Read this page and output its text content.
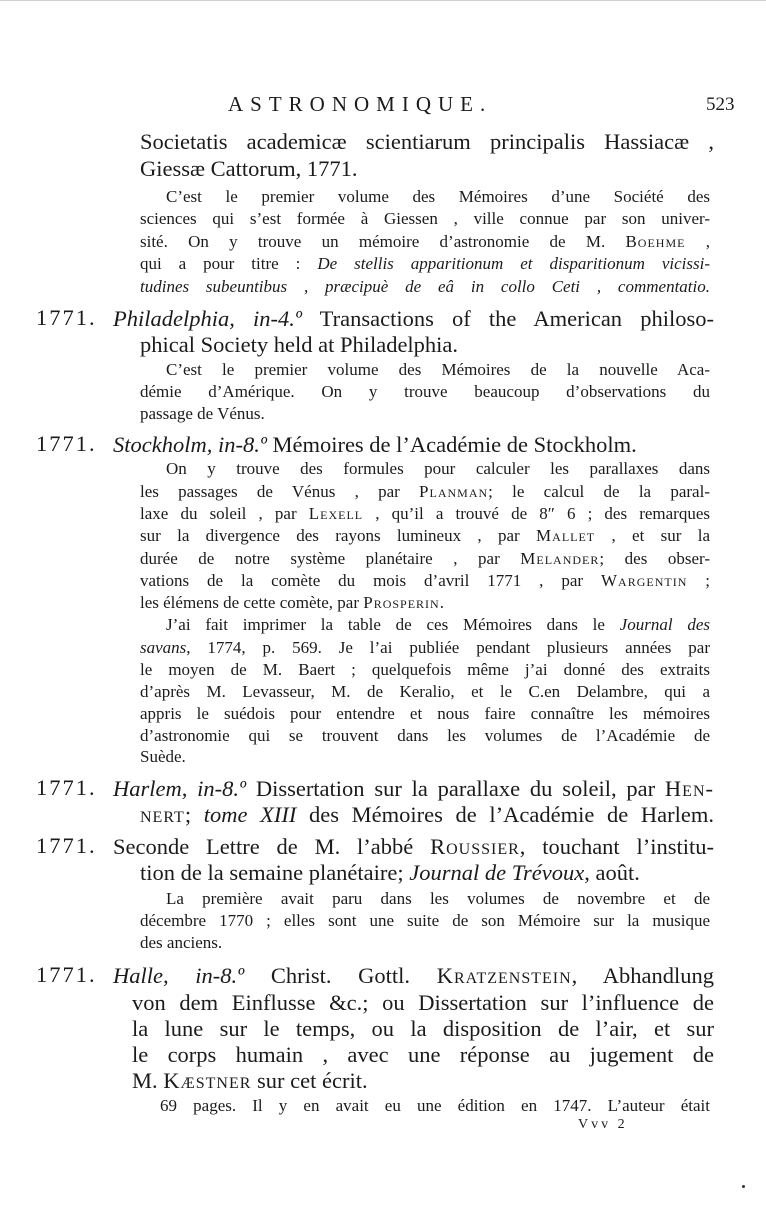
ASTRONOMIQUE.	523

Societatis academicæ scientiarum principalis Hassiacæ ,

Giessæ Cattorum, 1771.

C’est le premier volume des Mémoires d’une Société des

sciences qui s’est formée à Giessen , ville connue par son univer-

sité. On y trouve un mémoire d’astronomie de M. Boehme ,

qui a pour titre : De stellis apparitionum et disparitionum vicissi-

tudines subeuntibus , præcipuè de eâ in collo Ceti , commentatio.

1771. Philadelphia, in-4.º Transactions of the American philoso-

phical Society held at Philadelphia.

C’est le premier volume des Mémoires de la nouvelle Aca-

démie d’Amérique. On y trouve beaucoup d’observations du

passage de Vénus.

1771. Stockholm, in-8.º Mémoires de l’Académie de Stockholm.

On y trouve des formules pour calculer les parallaxes dans

les passages de Vénus , par Planman; le calcul de la paral-

laxe du soleil , par Lexell , qu’il a trouvé de 8″ 6 ; des remarques

sur la divergence des rayons lumineux , par Mallet , et sur la

durée de notre système planétaire , par Melander; des obser-

vations de la comète du mois d’avril 1771 , par Wargentin ;

les élémens de cette comète, par Prosperin.

J’ai fait imprimer la table de ces Mémoires dans le Journal des

savans, 1774, p. 569. Je l’ai publiée pendant plusieurs années par

le moyen de M. Baert ; quelquefois même j’ai donné des extraits

d’après M. Levasseur, M. de Keralio, et le C.en Delambre, qui a

appris le suédois pour entendre et nous faire connaître les mémoires

d’astronomie qui se trouvent dans les volumes de l’Académie de

Suède.

1771. Harlem, in-8.º Dissertation sur la parallaxe du soleil, par Hen-

nert; tome XIII des Mémoires de l’Académie de Harlem.

1771. Seconde Lettre de M. l’abbé Roussier, touchant l’institu-

tion de la semaine planétaire; Journal de Trévoux, août.

La première avait paru dans les volumes de novembre et de

décembre 1770 ; elles sont une suite de son Mémoire sur la musique

des anciens.

1771. Halle, in-8.º Christ. Gottl. Kratzenstein, Abhandlung

von dem Einflusse &c.; ou Dissertation sur l’influence de

la lune sur le temps, ou la disposition de l’air, et sur

le corps humain , avec une réponse au jugement de

M. Kæstner sur cet écrit.

69 pages. Il y en avait eu une édition en 1747. L’auteur était

Vvv 2
